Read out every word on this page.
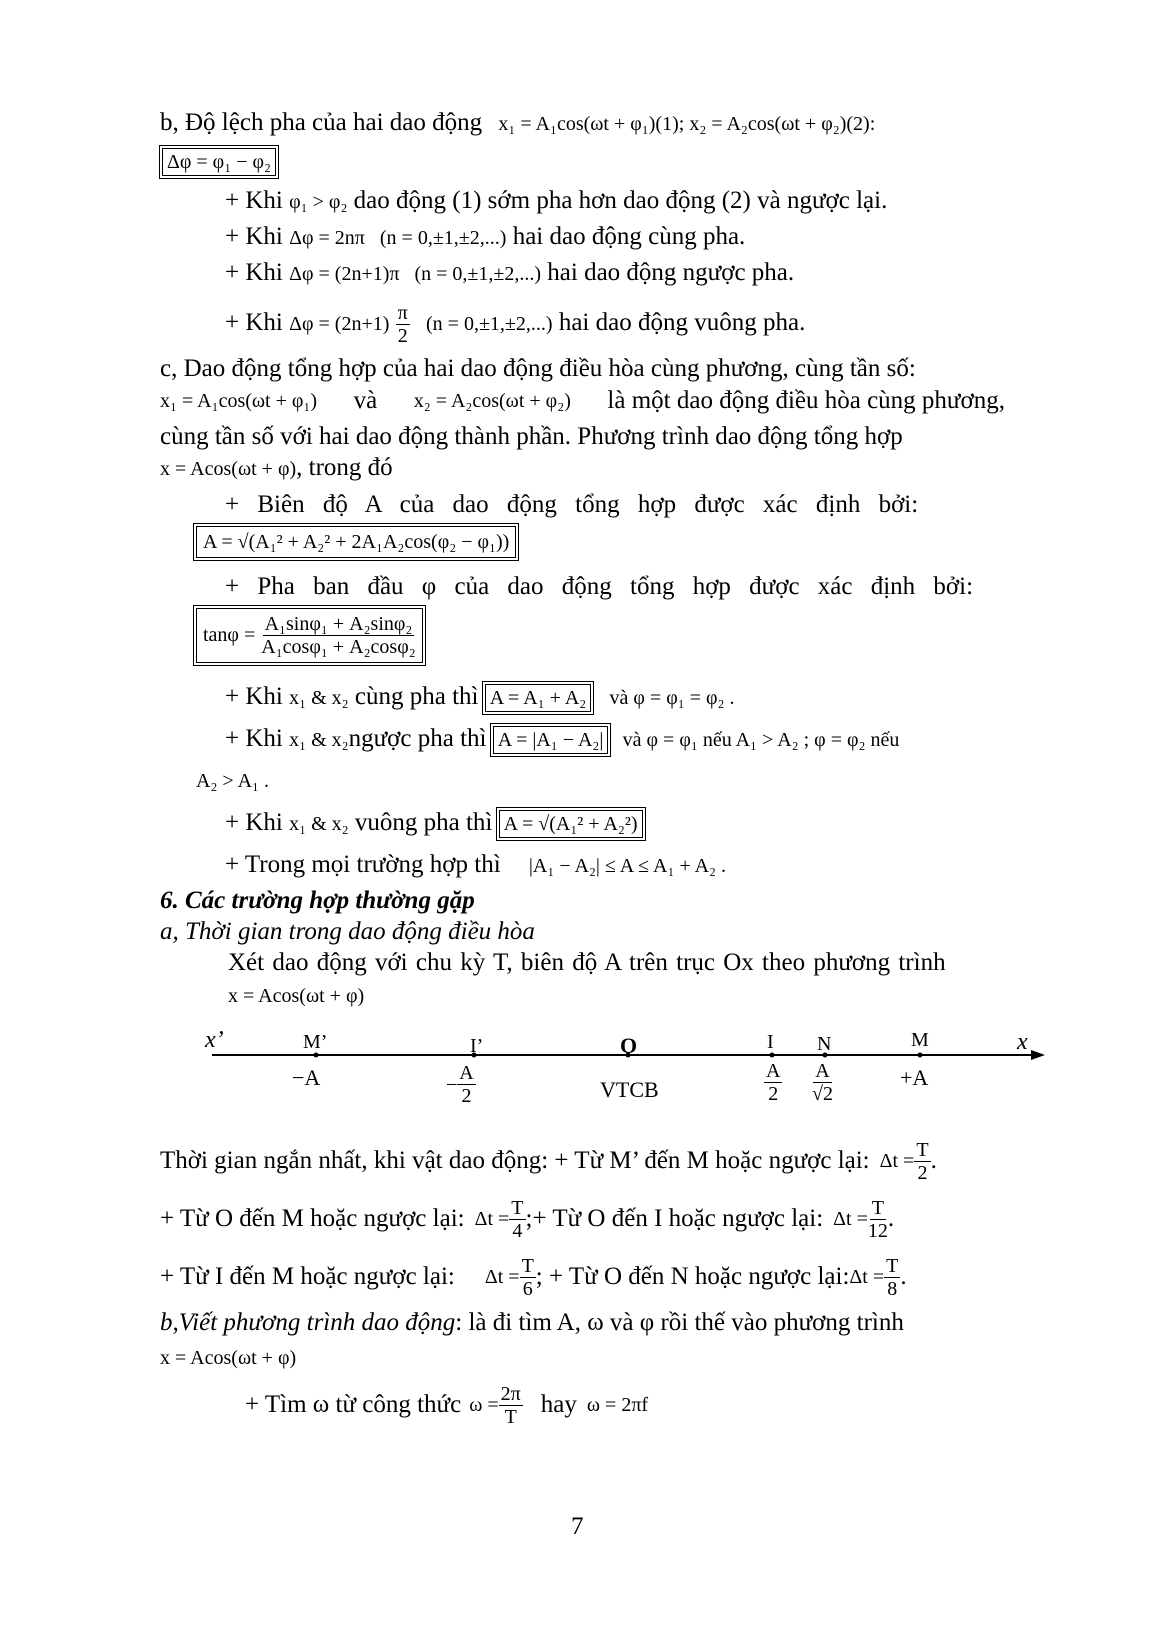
b, Độ lệch pha của hai dao động x₁ = A₁cos(ωt + φ₁)(1); x₂ = A₂cos(ωt + φ₂)(2):
Δφ = φ₁ − φ₂
+ Khi φ₁ > φ₂ dao động (1) sớm pha hơn dao động (2) và ngược lại.
+ Khi Δφ = 2nπ   (n = 0,±1,±2,...) hai dao động cùng pha.
+ Khi Δφ = (2n+1)π   (n = 0,±1,±2,...) hai dao động ngược pha.
+ Khi $\Delta\varphi = (2n+1) \frac{\pi}{2} (n = 0,\pm 1,\pm 2,...)$ hai dao động vuông pha.
c, Dao động tổng hợp của hai dao động điều hòa cùng phương, cùng tần số:
x₁ = A₁cos(ωt + φ₁) và x₂ = A₂cos(ωt + φ₂) là một dao động điều hòa cùng phương,
cùng tần số với hai dao động thành phần. Phương trình dao động tổng hợp
x = Acos(ωt + φ), trong đó
+ Biên độ A của dao động tổng hợp được xác định bởi:
A = √(A₁² + A₂² + 2A₁A₂cos(φ₂ − φ₁))
+ Pha ban đầu φ của dao động tổng hợp được xác định bởi:
$\tan\varphi = \frac{\text{A₁sinφ₁ + A₂sinφ₂}}{\text{A₁cosφ₁ + A₂cosφ₂}}$
+ Khi x₁ & x₂ cùng pha thì A = A₁ + A₂ và φ = φ₁ = φ₂ .
+ Khi x₁ & x₂ngược pha thì A = |A₁ − A₂| và φ = φ₁ nếu A₁ > A₂ ; φ = φ₂ nếu
A₂ > A₁ .
+ Khi x₁ & x₂ vuông pha thì A = √(A₁² + A₂²)
+ Trong mọi trường hợp thì |A₁ − A₂| ≤ A ≤ A₁ + A₂ .
6. Các trường hợp thường gặp
a, Thời gian trong dao động điều hòa
Xét dao động với chu kỳ T, biên độ A trên trục Ox theo phương trình
x = Acos(ωt + φ)
x’	x
M’
−A
I’
− $\frac{A}{2}$
O
VTCB
I
$\frac{A}{2}$
N
$\frac{A}{√2}$
M
+A
Thời gian ngắn nhất, khi vật dao động: + Từ M’ đến M hoặc ngược lại: $\Delta t = \frac{T}{2}$ .
+ Từ O đến M hoặc ngược lại: $\Delta t = \frac{T}{4}$ ;+ Từ O đến I hoặc ngược lại: $\Delta t = \frac{T}{12}$ .
+ Từ I đến M hoặc ngược lại: $\Delta t = \frac{T}{6}$ ; + Từ O đến N hoặc ngược lại: $\Delta t = \frac{T}{8}$ .
b,Viết phương trình dao động: là đi tìm A, ω và φ rồi thế vào phương trình
x = Acos(ωt + φ)
+ Tìm ω từ công thức $\omega = \frac{2\pi}{T}$ hay ω = 2πf
7
